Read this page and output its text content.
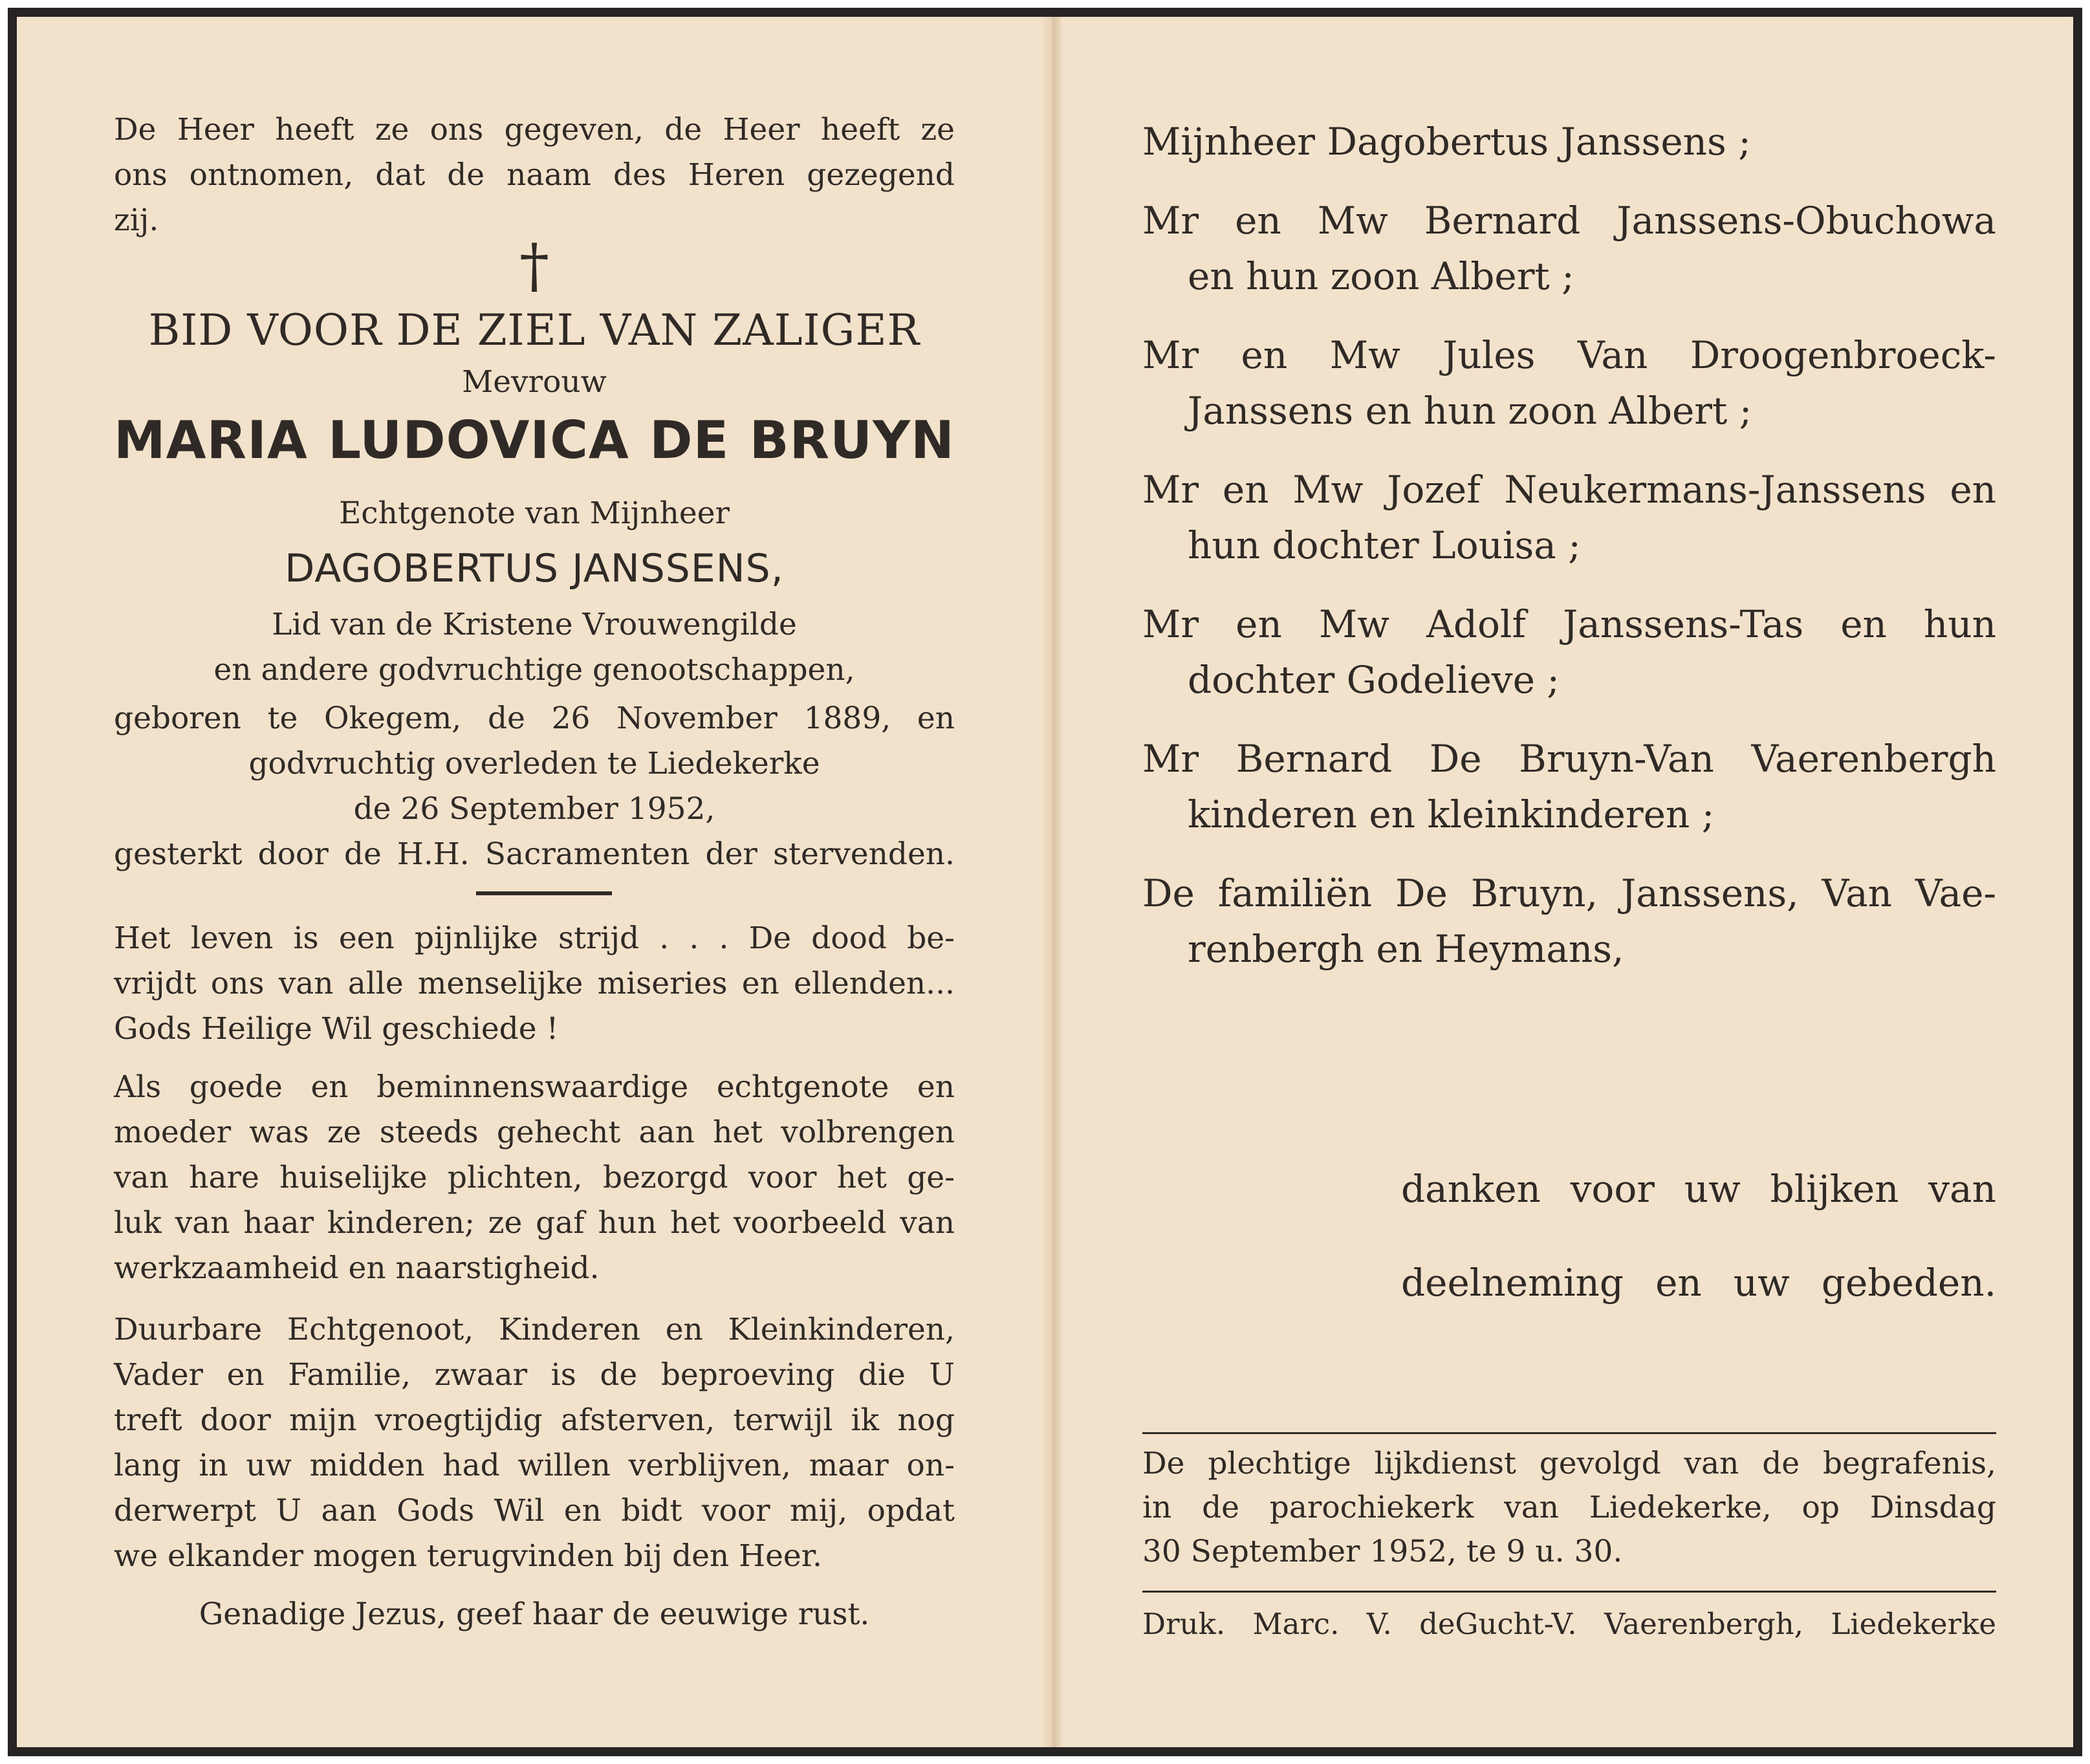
De Heer heeft ze ons gegeven, de Heer heeft ze
ons ontnomen, dat de naam des Heren gezegend
zij.
†
BID VOOR DE ZIEL VAN ZALIGER
Mevrouw
MARIA LUDOVICA DE BRUYN
Echtgenote van Mijnheer
DAGOBERTUS JANSSENS,
Lid van de Kristene Vrouwengilde
en andere godvruchtige genootschappen,
geboren te Okegem, de 26 November 1889, en
godvruchtig overleden te Liedekerke
de 26 September 1952,
gesterkt door de H.H. Sacramenten der stervenden.
Het leven is een pijnlijke strijd . . . De dood be-
vrijdt ons van alle menselijke miseries en ellenden...
Gods Heilige Wil geschiede !
Als goede en beminnenswaardige echtgenote en
moeder was ze steeds gehecht aan het volbrengen
van hare huiselijke plichten, bezorgd voor het ge-
luk van haar kinderen; ze gaf hun het voorbeeld van
werkzaamheid en naarstigheid.
Duurbare Echtgenoot, Kinderen en Kleinkinderen,
Vader en Familie, zwaar is de beproeving die U
treft door mijn vroegtijdig afsterven, terwijl ik nog
lang in uw midden had willen verblijven, maar on-
derwerpt U aan Gods Wil en bidt voor mij, opdat
we elkander mogen terugvinden bij den Heer.
Genadige Jezus, geef haar de eeuwige rust.
Mijnheer Dagobertus Janssens ;
Mr en Mw Bernard Janssens-Obuchowa
en hun zoon Albert ;
Mr en Mw Jules Van Droogenbroeck-
Janssens en hun zoon Albert ;
Mr en Mw Jozef Neukermans-Janssens en
hun dochter Louisa ;
Mr en Mw Adolf Janssens-Tas en hun
dochter Godelieve ;
Mr Bernard De Bruyn-Van Vaerenbergh
kinderen en kleinkinderen ;
De familiën De Bruyn, Janssens, Van Vae-
renbergh en Heymans,
danken voor uw blijken van
deelneming en uw gebeden.
De plechtige lijkdienst gevolgd van de begrafenis,
in de parochiekerk van Liedekerke, op Dinsdag
30 September 1952, te 9 u. 30.
Druk. Marc. V. deGucht-V. Vaerenbergh, Liedekerke
